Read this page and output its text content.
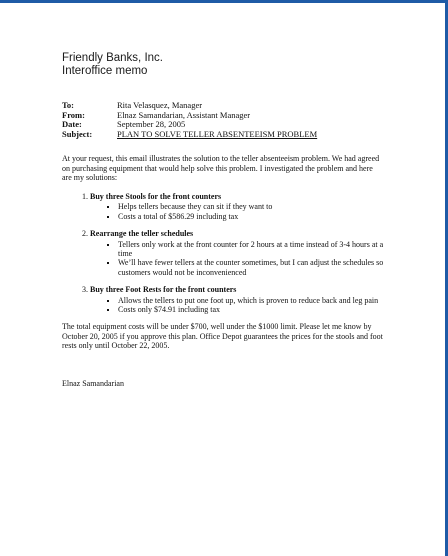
Friendly Banks, Inc.
Interoffice memo
To:	Rita Velasquez, Manager
From:	Elnaz Samandarian, Assistant Manager
Date:	September 28, 2005
Subject:	PLAN TO SOLVE TELLER ABSENTEEISM PROBLEM
At your request, this email illustrates the solution to the teller absenteeism problem. We had agreed on purchasing equipment that would help solve this problem. I investigated the problem and here are my solutions:
1. Buy three Stools for the front counters
▪ Helps tellers because they can sit if they want to
▪ Costs a total of $586.29 including tax
2. Rearrange the teller schedules
▪ Tellers only work at the front counter for 2 hours at a time instead of 3-4 hours at a time
▪ We’ll have fewer tellers at the counter sometimes, but I can adjust the schedules so customers would not be inconvenienced
3. Buy three Foot Rests for the front counters
▪ Allows the tellers to put one foot up, which is proven to reduce back and leg pain
▪ Costs only $74.91 including tax
The total equipment costs will be under $700, well under the $1000 limit. Please let me know by October 20, 2005 if you approve this plan. Office Depot guarantees the prices for the stools and foot rests only until October 22, 2005.
Elnaz Samandarian
